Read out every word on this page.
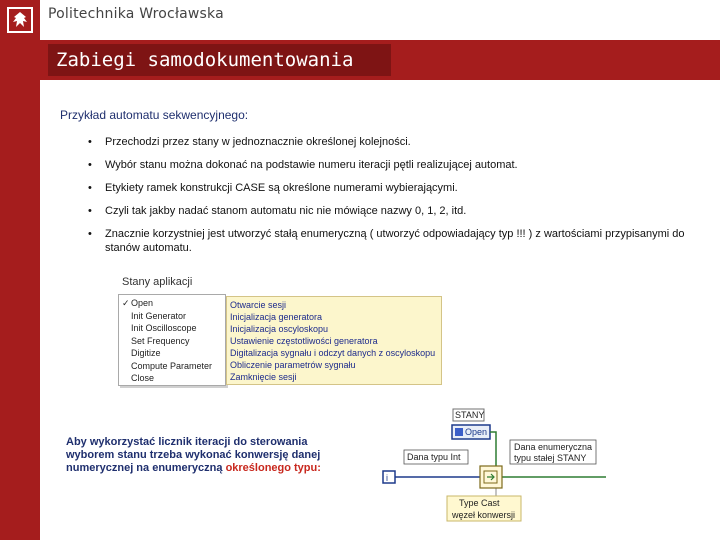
Politechnika Wrocławska
Zabiegi samodokumentowania
Przykład automatu sekwencyjnego:
• Przechodzi przez stany w jednoznacznie określonej kolejności.
• Wybór stanu można dokonać na podstawie numeru iteracji pętli realizującej automat.
• Etykiety ramek konstrukcji CASE są określone numerami wybierającymi.
• Czyli tak jakby nadać stanom automatu nic nie mówiące nazwy 0, 1, 2, itd.
• Znacznie korzystniej jest utworzyć stałą enumeryczną ( utworzyć odpowiadający typ !!! ) z wartościami przypisanymi do stanów automatu.
Stany aplikacji
✓ Open
Init Generator
Init Oscilloscope
Set Frequency
Digitize
Compute Parameter
Close
Otwarcie sesji
Inicjalizacja generatora
Inicjalizacja oscyloskopu
Ustawienie częstotliwości generatora
Digitalizacja sygnału i odczyt danych z oscyloskopu
Obliczenie parametrów sygnału
Zamknięcie sesji
Aby wykorzystać licznik iteracji do sterowania
wyborem stanu trzeba wykonać konwersję danej
numerycznej na enumeryczną określonego typu:
STANY
Open
Dana typu Int
Dana enumeryczna
typu stałej STANY
i
Type Cast
węzeł konwersji
